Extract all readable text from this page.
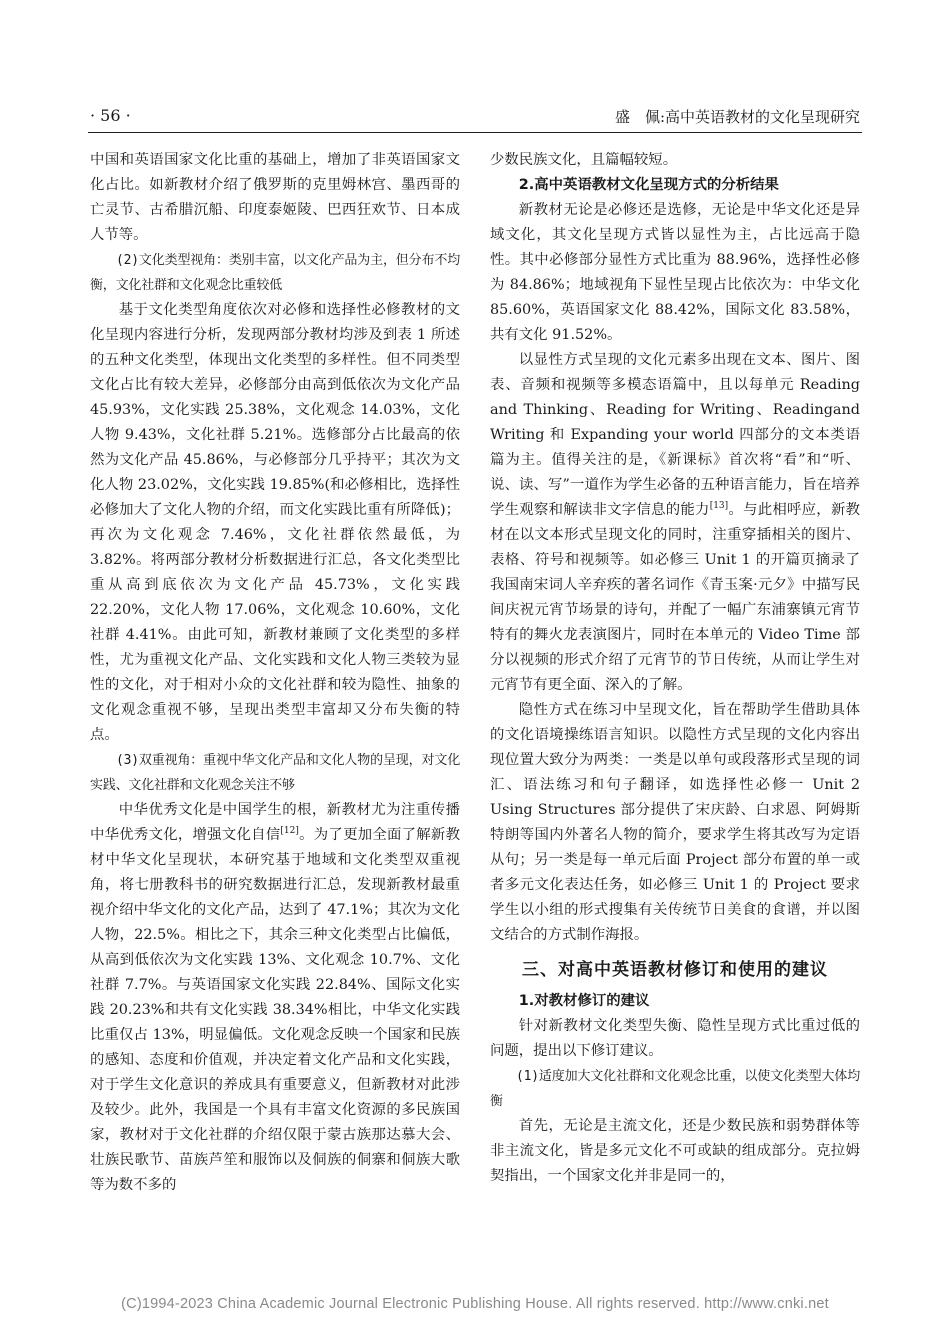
· 56 ·	盛　佩:高中英语教材的文化呈现研究

中国和英语国家文化比重的基础上，增加了非英语国家文化占比。如新教材介绍了俄罗斯的克里姆林宫、墨西哥的亡灵节、古希腊沉船、印度泰姬陵、巴西狂欢节、日本成人节等。

(2)文化类型视角：类别丰富，以文化产品为主，但分布不均衡，文化社群和文化观念比重较低

基于文化类型角度依次对必修和选择性必修教材的文化呈现内容进行分析，发现两部分教材均涉及到表 1 所述的五种文化类型，体现出文化类型的多样性。但不同类型文化占比有较大差异，必修部分由高到低依次为文化产品 45.93%，文化实践 25.38%，文化观念 14.03%，文化人物 9.43%，文化社群 5.21%。选修部分占比最高的依然为文化产品 45.86%，与必修部分几乎持平；其次为文化人物 23.02%，文化实践 19.85%(和必修相比，选择性必修加大了文化人物的介绍，而文化实践比重有所降低)；再次为文化观念 7.46%，文化社群依然最低，为 3.82%。将两部分教材分析数据进行汇总，各文化类型比重从高到底依次为文化产品 45.73%，文化实践 22.20%，文化人物 17.06%，文化观念 10.60%，文化社群 4.41%。由此可知，新教材兼顾了文化类型的多样性，尤为重视文化产品、文化实践和文化人物三类较为显性的文化，对于相对小众的文化社群和较为隐性、抽象的文化观念重视不够，呈现出类型丰富却又分布失衡的特点。

(3)双重视角：重视中华文化产品和文化人物的呈现，对文化实践、文化社群和文化观念关注不够

中华优秀文化是中国学生的根，新教材尤为注重传播中华优秀文化，增强文化自信[12]。为了更加全面了解新教材中华文化呈现状，本研究基于地域和文化类型双重视角，将七册教科书的研究数据进行汇总，发现新教材最重视介绍中华文化的文化产品，达到了 47.1%；其次为文化人物，22.5%。相比之下，其余三种文化类型占比偏低，从高到低依次为文化实践 13%、文化观念 10.7%、文化社群 7.7%。与英语国家文化实践 22.84%、国际文化实践 20.23%和共有文化实践 38.34%相比，中华文化实践比重仅占 13%，明显偏低。文化观念反映一个国家和民族的感知、态度和价值观，并决定着文化产品和文化实践，对于学生文化意识的养成具有重要意义，但新教材对此涉及较少。此外，我国是一个具有丰富文化资源的多民族国家，教材对于文化社群的介绍仅限于蒙古族那达慕大会、壮族民歌节、苗族芦笙和服饰以及侗族的侗寨和侗族大歌等为数不多的

少数民族文化，且篇幅较短。

2.高中英语教材文化呈现方式的分析结果

新教材无论是必修还是选修，无论是中华文化还是异域文化，其文化呈现方式皆以显性为主，占比远高于隐性。其中必修部分显性方式比重为 88.96%，选择性必修为 84.86%；地域视角下显性呈现占比依次为：中华文化 85.60%，英语国家文化 88.42%，国际文化 83.58%，共有文化 91.52%。

以显性方式呈现的文化元素多出现在文本、图片、图表、音频和视频等多模态语篇中，且以每单元 Reading and Thinking、Reading for Writing、Readingand Writing 和 Expanding your world 四部分的文本类语篇为主。值得关注的是，《新课标》首次将“看”和“听、说、读、写”一道作为学生必备的五种语言能力，旨在培养学生观察和解读非文字信息的能力[13]。与此相呼应，新教材在以文本形式呈现文化的同时，注重穿插相关的图片、表格、符号和视频等。如必修三 Unit 1 的开篇页摘录了我国南宋词人辛弃疾的著名词作《青玉案·元夕》中描写民间庆祝元宵节场景的诗句，并配了一幅广东浦寨镇元宵节特有的舞火龙表演图片，同时在本单元的 Video Time 部分以视频的形式介绍了元宵节的节日传统，从而让学生对元宵节有更全面、深入的了解。

隐性方式在练习中呈现文化，旨在帮助学生借助具体的文化语境操练语言知识。以隐性方式呈现的文化内容出现位置大致分为两类：一类是以单句或段落形式呈现的词汇、语法练习和句子翻译，如选择性必修一 Unit 2 Using Structures 部分提供了宋庆龄、白求恩、阿姆斯特朗等国内外著名人物的简介，要求学生将其改写为定语从句；另一类是每一单元后面 Project 部分布置的单一或者多元文化表达任务，如必修三 Unit 1 的 Project 要求学生以小组的形式搜集有关传统节日美食的食谱，并以图文结合的方式制作海报。

三、对高中英语教材修订和使用的建议
1.对教材修订的建议

针对新教材文化类型失衡、隐性呈现方式比重过低的问题，提出以下修订建议。

(1)适度加大文化社群和文化观念比重，以使文化类型大体均衡

首先，无论是主流文化，还是少数民族和弱势群体等非主流文化，皆是多元文化不可或缺的组成部分。克拉姆契指出，一个国家文化并非是同一的，

(C)1994-2023 China Academic Journal Electronic Publishing House. All rights reserved. http://www.cnki.net
